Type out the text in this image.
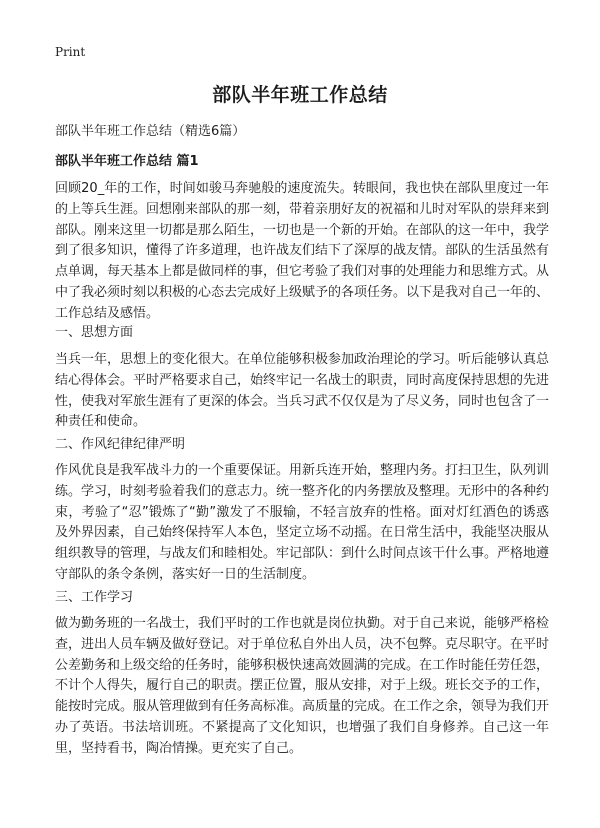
Print
部队半年班工作总结

部队半年班工作总结（精选6篇）

部队半年班工作总结 篇1

回顾20_年的工作，时间如骏马奔驰般的速度流失。转眼间，我也快在部队里度过一年的上等兵生涯。回想刚来部队的那一刻，带着亲朋好友的祝福和儿时对军队的崇拜来到部队。刚来这里一切都是那么陌生，一切也是一个新的开始。在部队的这一年中，我学到了很多知识，懂得了许多道理，也许战友们结下了深厚的战友情。部队的生活虽然有点单调，每天基本上都是做同样的事，但它考验了我们对事的处理能力和思维方式。从中了我必须时刻以积极的心态去完成好上级赋予的各项任务。以下是我对自己一年的、工作总结及感悟。

一、思想方面

当兵一年，思想上的变化很大。在单位能够积极参加政治理论的学习。听后能够认真总结心得体会。平时严格要求自己，始终牢记一名战士的职责，同时高度保持思想的先进性，使我对军旅生涯有了更深的体会。当兵习武不仅仅是为了尽义务，同时也包含了一种责任和使命。

二、作风纪律纪律严明

作风优良是我军战斗力的一个重要保证。用新兵连开始，整理内务。打扫卫生，队列训练。学习，时刻考验着我们的意志力。统一整齐化的内务摆放及整理。无形中的各种约束，考验了“忍”锻炼了“勤”激发了不服输，不轻言放弃的性格。面对灯红酒色的诱惑及外界因素，自己始终保持军人本色，坚定立场不动摇。在日常生活中，我能坚决服从组织教导的管理，与战友们和睦相处。牢记部队：到什么时间点该干什么事。严格地遵守部队的条令条例，落实好一日的生活制度。

三、工作学习

做为勤务班的一名战士，我们平时的工作也就是岗位执勤。对于自己来说，能够严格检查，进出人员车辆及做好登记。对于单位私自外出人员，决不包弊。克尽职守。在平时公差勤务和上级交给的任务时，能够积极快速高效圆满的完成。在工作时能任劳任怨，不计个人得失，履行自己的职责。摆正位置，服从安排，对于上级。班长交予的工作，能按时完成。服从管理做到有任务高标准。高质量的完成。在工作之余，领导为我们开办了英语。书法培训班。不紧提高了文化知识，也增强了我们自身修养。自己这一年里，坚持看书，陶冶情操。更充实了自己。
